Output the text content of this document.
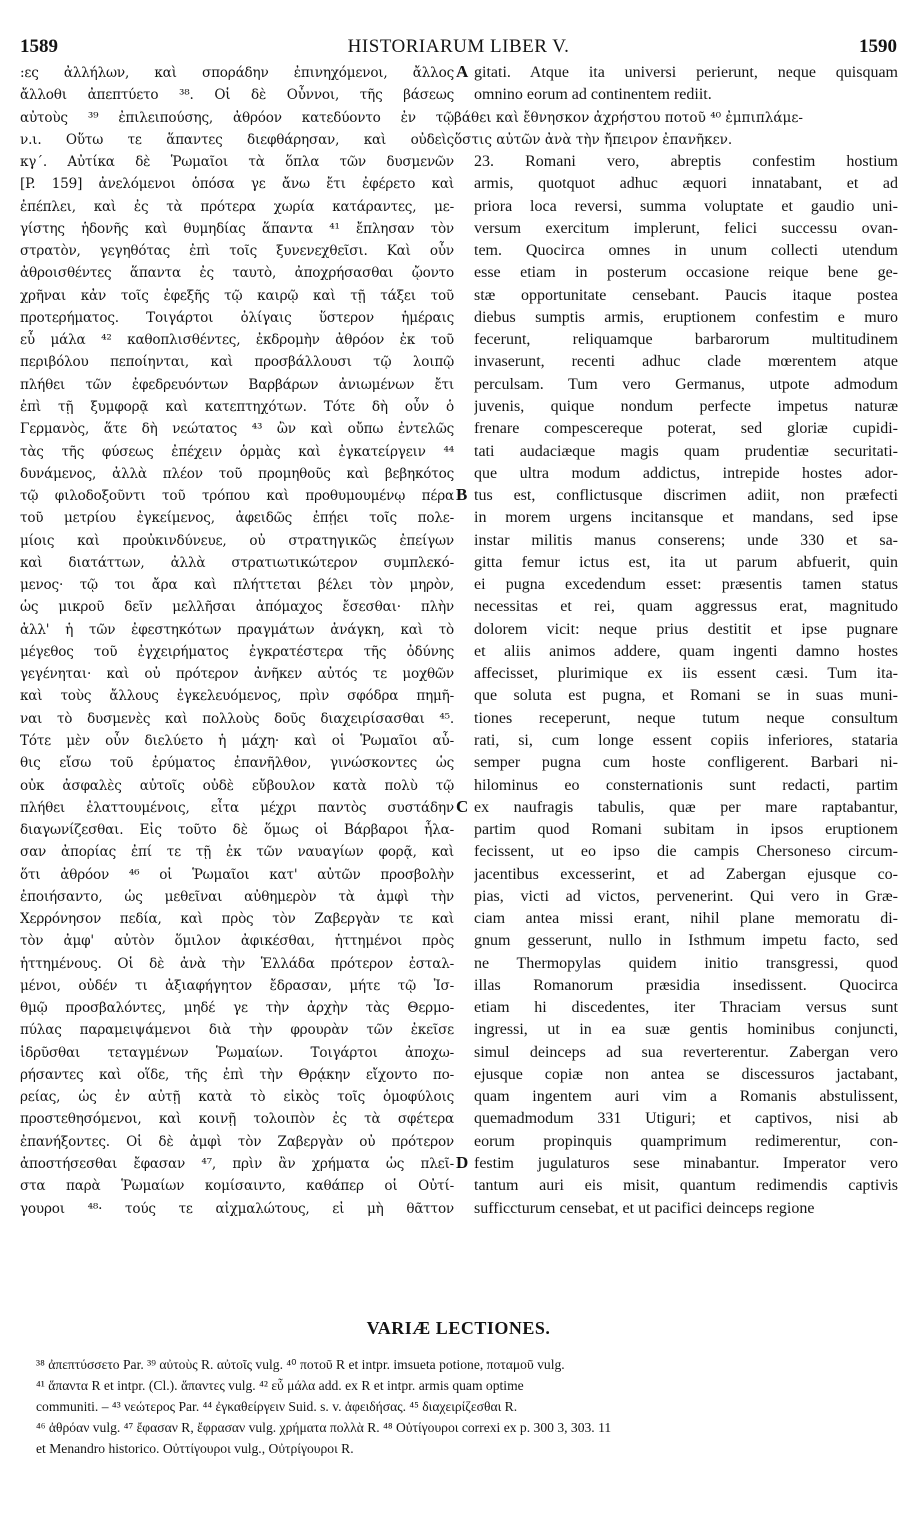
1589	HISTORIARUM LIBER V.	1590
:ες ἀλλήλων, καὶ σποράδην ἐπινηχόμενοι, ἄλλος
ἄλλοθι ἀπεπτύετο ³⁸. Οἱ δὲ Οὖννοι, τῆς βάσεως
αὐτοὺς ³⁹ ἐπιλειπούσης, ἀθρόον κατεδύοντο ἐν τῷ
ν.ι. Οὕτω τε ἅπαντες διεφθάρησαν, καὶ οὐδεὶς
κγ΄. Αὐτίκα δὲ Ῥωμαῖοι τὰ ὅπλα τῶν δυσμενῶν
[P. 159] ἀνελόμενοι ὁπόσα γε ἄνω ἔτι ἐφέρετο καὶ
ἐπέπλει, καὶ ἐς τὰ πρότερα χωρία κατάραντες, με-
γίστης ἡδονῆς καὶ θυμηδίας ἅπαντα ⁴¹ ἔπλησαν τὸν
στρατὸν, γεγηθότας ἐπὶ τοῖς ξυνενεχθεῖσι. Καὶ οὖν
ἀθροισθέντες ἅπαντα ἐς ταυτὸ, ἀποχρήσασθαι ᾤοντο
χρῆναι κἀν τοῖς ἐφεξῆς τῷ καιρῷ καὶ τῇ τάξει τοῦ
προτερήματος. Τοιγάρτοι ὀλίγαις ὕστερον ἡμέραις
εὖ μάλα ⁴² καθοπλισθέντες, ἐκδρομὴν ἀθρόον ἐκ τοῦ
περιβόλου πεποίηνται, καὶ προσβάλλουσι τῷ λοιπῷ
πλήθει τῶν ἐφεδρευόντων Βαρβάρων ἀνιωμένων ἔτι
ἐπὶ τῇ ξυμφορᾷ καὶ κατεπτηχότων. Τότε δὴ οὖν ὁ
Γερμανὸς, ἅτε δὴ νεώτατος ⁴³ ὢν καὶ οὔπω ἐντελῶς
τὰς τῆς φύσεως ἐπέχειν ὁρμὰς καὶ ἐγκατείργειν ⁴⁴
δυνάμενος, ἀλλὰ πλέον τοῦ προμηθοῦς καὶ βεβηκότος
τῷ φιλοδοξοῦντι τοῦ τρόπου καὶ προθυμουμένῳ πέρα
τοῦ μετρίου ἐγκείμενος, ἀφειδῶς ἐπῄει τοῖς πολε-
μίοις καὶ προὐκινδύνευε, οὐ στρατηγικῶς ἐπείγων
καὶ διατάττων, ἀλλὰ στρατιωτικώτερον συμπλεκό-
μενος· τῷ τοι ἄρα καὶ πλήττεται βέλει τὸν μηρὸν,
ὡς μικροῦ δεῖν μελλῆσαι ἀπόμαχος ἔσεσθαι· πλὴν
ἀλλ' ἡ τῶν ἐφεστηκότων πραγμάτων ἀνάγκη, καὶ τὸ
μέγεθος τοῦ ἐγχειρήματος ἐγκρατέστερα τῆς ὀδύνης
γεγένηται· καὶ οὐ πρότερον ἀνῆκεν αὐτός τε μοχθῶν
καὶ τοὺς ἄλλους ἐγκελευόμενος, πρὶν σφόδρα πημῆ-
ναι τὸ δυσμενὲς καὶ πολλοὺς δοῦς διαχειρίσασθαι ⁴⁵.
Τότε μὲν οὖν διελύετο ἡ μάχη· καὶ οἱ Ῥωμαῖοι αὖ-
θις εἴσω τοῦ ἐρύματος ἐπανῆλθον, γινώσκοντες ὡς
οὐκ ἀσφαλὲς αὐτοῖς οὐδὲ εὔβουλον κατὰ πολὺ τῷ
πλήθει ἐλαττουμένοις, εἶτα μέχρι παντὸς συστάδην
διαγωνίζεσθαι. Εἰς τοῦτο δὲ ὅμως οἱ Βάρβαροι ἦλα-
σαν ἀπορίας ἐπί τε τῇ ἐκ τῶν ναυαγίων φορᾷ, καὶ
ὅτι ἀθρόον ⁴⁶ οἱ Ῥωμαῖοι κατ' αὐτῶν προσβολὴν
ἐποιήσαντο, ὡς μεθεῖναι αὐθημερὸν τὰ ἀμφὶ τὴν
Χερρόνησον πεδία, καὶ πρὸς τὸν Ζαβεργὰν τε καὶ
τὸν ἀμφ' αὐτὸν ὅμιλον ἀφικέσθαι, ἡττημένοι πρὸς
ἡττημένους. Οἱ δὲ ἀνὰ τὴν Ἑλλάδα πρότερον ἐσταλ-
μένοι, οὐδέν τι ἀξιαφήγητον ἔδρασαν, μήτε τῷ Ἰσ-
θμῷ προσβαλόντες, μηδέ γε τὴν ἀρχὴν τὰς Θερμο-
πύλας παραμειψάμενοι διὰ τὴν φρουρὰν τῶν ἐκεῖσε
ἱδρῦσθαι τεταγμένων Ῥωμαίων. Τοιγάρτοι ἀποχω-
ρήσαντες καὶ οἵδε, τῆς ἐπὶ τὴν Θρᾴκην εἴχοντο πο-
ρείας, ὡς ἐν αὐτῇ κατὰ τὸ εἰκὸς τοῖς ὁμοφύλοις
προστεθησόμενοι, καὶ κοινῇ τολοιπὸν ἐς τὰ σφέτερα
ἐπανήξοντες. Οἱ δὲ ἀμφὶ τὸν Ζαβεργὰν οὐ πρότερον
ἀποστήσεσθαι ἔφασαν ⁴⁷, πρὶν ἂν χρήματα ὡς πλεῖ-
στα παρὰ Ῥωμαίων κομίσαιντο, καθάπερ οἱ Οὐτί-
γουροι ⁴⁸· τούς τε αἰχμαλώτους, εἰ μὴ θᾶττον
gitati. Atque ita universi perierunt, neque quisquam
omnino eorum ad continentem rediit.
βάθει καὶ ἔθνησκον ἀχρήστου ποτοῦ ⁴⁰ ἐμπιπλάμε-
ὅστις αὐτῶν ἀνὰ τὴν ἤπειρον ἐπανῆκεν.
23. Romani vero, abreptis confestim hostium
armis, quotquot adhuc æquori innatabant, et ad
priora loca reversi, summa voluptate et gaudio uni-
versum exercitum implerunt, felici successu ovan-
tem. Quocirca omnes in unum collecti utendum
esse etiam in posterum occasione reique bene ge-
stæ opportunitate censebant. Paucis itaque postea
diebus sumptis armis, eruptionem confestim e muro
fecerunt, reliquamque barbarorum multitudinem
invaserunt, recenti adhuc clade mœrentem atque
perculsam. Tum vero Germanus, utpote admodum
juvenis, quique nondum perfecte impetus naturæ
frenare compescereque poterat, sed gloriæ cupidi-
tati audaciæque magis quam prudentiæ securitati-
que ultra modum addictus, intrepide hostes ador-
tus est, conflictusque discrimen adiit, non præfecti
in morem urgens incitansque et mandans, sed ipse
instar militis manus conserens; unde 330 et sa-
gitta femur ictus est, ita ut parum abfuerit, quin
ei pugna excedendum esset: præsentis tamen status
necessitas et rei, quam aggressus erat, magnitudo
dolorem vicit: neque prius destitit et ipse pugnare
et aliis animos addere, quam ingenti damno hostes
affecisset, plurimique ex iis essent cæsi. Tum ita-
que soluta est pugna, et Romani se in suas muni-
tiones receperunt, neque tutum neque consultum
rati, si, cum longe essent copiis inferiores, stataria
semper pugna cum hoste confligerent. Barbari ni-
hilominus eo consternationis sunt redacti, partim
ex naufragis tabulis, quæ per mare raptabantur,
partim quod Romani subitam in ipsos eruptionem
fecissent, ut eo ipso die campis Chersoneso circum-
jacentibus excesserint, et ad Zabergan ejusque co-
pias, victi ad victos, pervenerint. Qui vero in Græ-
ciam antea missi erant, nihil plane memoratu di-
gnum gesserunt, nullo in Isthmum impetu facto, sed
ne Thermopylas quidem initio transgressi, quod
illas Romanorum præsidia insedissent. Quocirca
etiam hi discedentes, iter Thraciam versus sunt
ingressi, ut in ea suæ gentis hominibus conjuncti,
simul deinceps ad sua reverterentur. Zabergan vero
ejusque copiæ non antea se discessuros jactabant,
quam ingentem auri vim a Romanis abstulissent,
quemadmodum 331 Utiguri; et captivos, nisi ab
eorum propinquis quamprimum redimerentur, con-
festim jugulaturos sese minabantur. Imperator vero
tantum auri eis misit, quantum redimendis captivis
sufficcturum censebat, et ut pacifici deinceps regione
A
B
C
D
VARIÆ LECTIONES.
³⁸ ἀπεπτύσσετο Par. ³⁹ αὐτοὺς R. αὐτοῖς vulg. ⁴⁰ ποτοῦ R et intpr. imsueta potione, ποταμοῦ vulg.
⁴¹ ἅπαντα R et intpr. (Cl.). ἅπαντες vulg. ⁴² εὖ μάλα add. ex R et intpr. armis quam optime
communiti. – ⁴³ νεώτερος Par. ⁴⁴ ἐγκαθείργειν Suid. s. v. ἀφειδήσας. ⁴⁵ διαχειρίζεσθαι R.
⁴⁶ ἀθρόαν vulg. ⁴⁷ ἔφασαν R, ἔφρασαν vulg. χρήματα πολλὰ R. ⁴⁸ Οὐτίγουροι correxi ex p. 300 3, 303. 11
et Menandro historico. Οὐττίγουροι vulg., Οὐτρίγουροι R.
